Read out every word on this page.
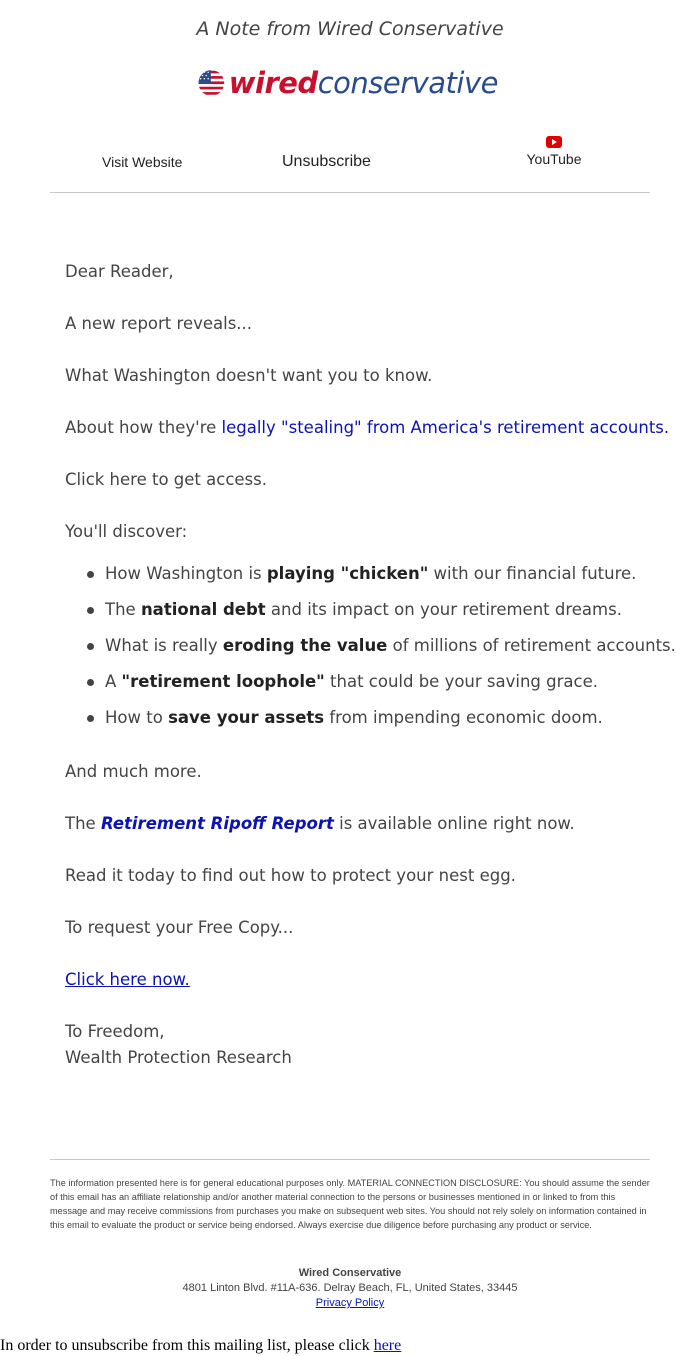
A Note from Wired Conservative
wiredconservative
Visit Website	Unsubscribe	YouTube

Dear Reader,

A new report reveals...

What Washington doesn't want you to know.

About how they're legally "stealing" from America's retirement accounts.

Click here to get access.

You'll discover:

How Washington is playing "chicken" with our financial future.
The national debt and its impact on your retirement dreams.
What is really eroding the value of millions of retirement accounts.
A "retirement loophole" that could be your saving grace.
How to save your assets from impending economic doom.

And much more.

The Retirement Ripoff Report is available online right now.

Read it today to find out how to protect your nest egg.

To request your Free Copy...

Click here now.

To Freedom,

Wealth Protection Research

The information presented here is for general educational purposes only. MATERIAL CONNECTION DISCLOSURE: You should assume the sender of this email has an affiliate relationship and/or another material connection to the persons or businesses mentioned in or linked to from this message and may receive commissions from purchases you make on subsequent web sites. You should not rely solely on information contained in this email to evaluate the product or service being endorsed. Always exercise due diligence before purchasing any product or service.
Wired Conservative
4801 Linton Blvd. #11A-636. Delray Beach, FL, United States, 33445
Privacy Policy
In order to unsubscribe from this mailing list, please click here
